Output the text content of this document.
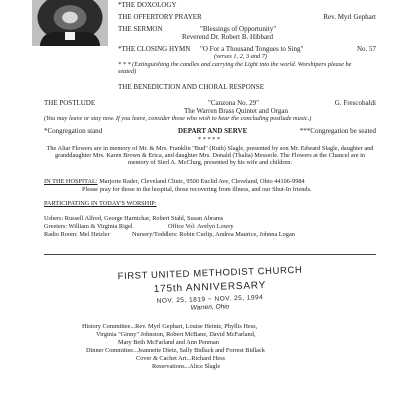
*THE DOXOLOGY
THE OFFERTORY PRAYER	Rev. Myrl Gephart
THE SERMON	"Blessings of Opportunity"
Reverend Dr. Robert B. Hibbard
*THE CLOSING HYMN "O For a Thousand Tongues to Sing"	No. 57
(verses 1, 2, 3 and 7)
* * * (Extinguishing the candles and carrying the Light into the world. Worshipers please be
seated)
THE BENEDICTION AND CHORAL RESPONSE
THE POSTLUDE	"Canzona No. 29"	G. Frescobaldi
The Warren Brass Quintet and Organ
(You may leave or stay now. If you leave, consider those who wish to hear the concluding postlude music.)
*Congregation stand	DEPART AND SERVE	***Congregation be seated
* * * * *
The Altar Flowers are in memory of Mr. & Mrs. Franklin "Bud" (Ruth) Slagle, presented by son Mr. Edward Slagle, daughter and granddaughter Mrs. Karen Brown & Erica, and daughter Mrs. Donald (Thalia) Messerle. The Flowers at the Chancel are in memory of Sierl A. McClurg, presented by his wife and children.
IN THE HOSPITAL: Marjorie Rader, Cleveland Clinic, 9500 Euclid Ave, Cleveland, Ohio 44106-9984
Please pray for those in the hospital, those recovering from illness, and our Shut-In friends.
PARTICIPATING IN TODAY'S WORSHIP:
Ushers: Russell Alfred, George Harnichar, Robert Stahl, Susan Abrams
Greeters: William & Virginia Rigel	Office Vol: Avelyn Lowry
Radio Room: Mel Hetzler	Nursery/Toddlers: Robin Curlip, Andrea Maurice, Johnna Logan
FIRST UNITED METHODIST CHURCH
175th ANNIVERSARY
NOV. 25, 1819 ~ NOV. 25, 1994
Warren, Ohio
History Committee...Rev. Myrl Gephart, Louise Heintz, Phyllis Hess,
Virginia "Ginny" Johnston, Robert McBane, David McFarland,
Mary Beth McFarland and Ann Penman
Dinner Committee...Jeannette Dietz, Sally Bidlack and Forrest Bidlack
Cover & Cachet Art...Richard Hess
Reservations...Alice Slagle
